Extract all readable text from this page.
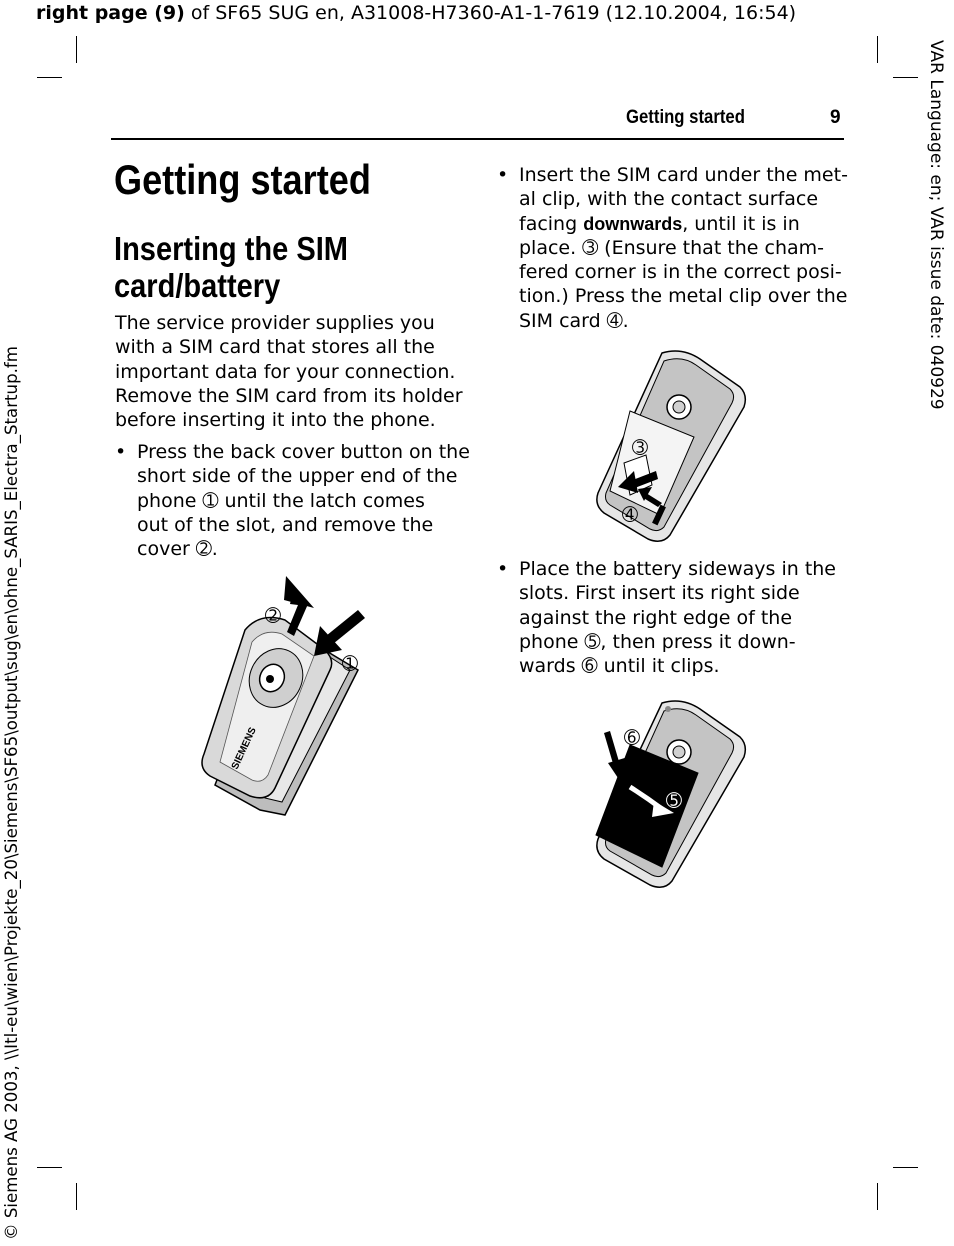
right page (9) of SF65 SUG en, A31008-H7360-A1-1-7619 (12.10.2004, 16:54)
VAR Language: en; VAR issue date: 040929
© Siemens AG 2003, \\Itl-eu\wien\Projekte_20\Siemens\SF65\output\sug\en\ohne_SARIS_Electra_Startup.fm
Getting started	9
Getting started
Inserting the SIM
card/battery
The service provider supplies you
with a SIM card that stores all the
important data for your connection.
Remove the SIM card from its holder
before inserting it into the phone.
• Press the back cover button on the
short side of the upper end of the
phone ➀ until the latch comes
out of the slot, and remove the
cover ➁.
• Insert the SIM card under the met-
al clip, with the contact surface
facing downwards, until it is in
place. ➂ (Ensure that the cham-
fered corner is in the correct posi-
tion.) Press the metal clip over the
SIM card ➃.
• Place the battery sideways in the
slots. First insert its right side
against the right edge of the
phone ➄, then press it down-
wards ➅ until it clips.
SIEMENS
➁
➀
➂
➃
➅
➄
